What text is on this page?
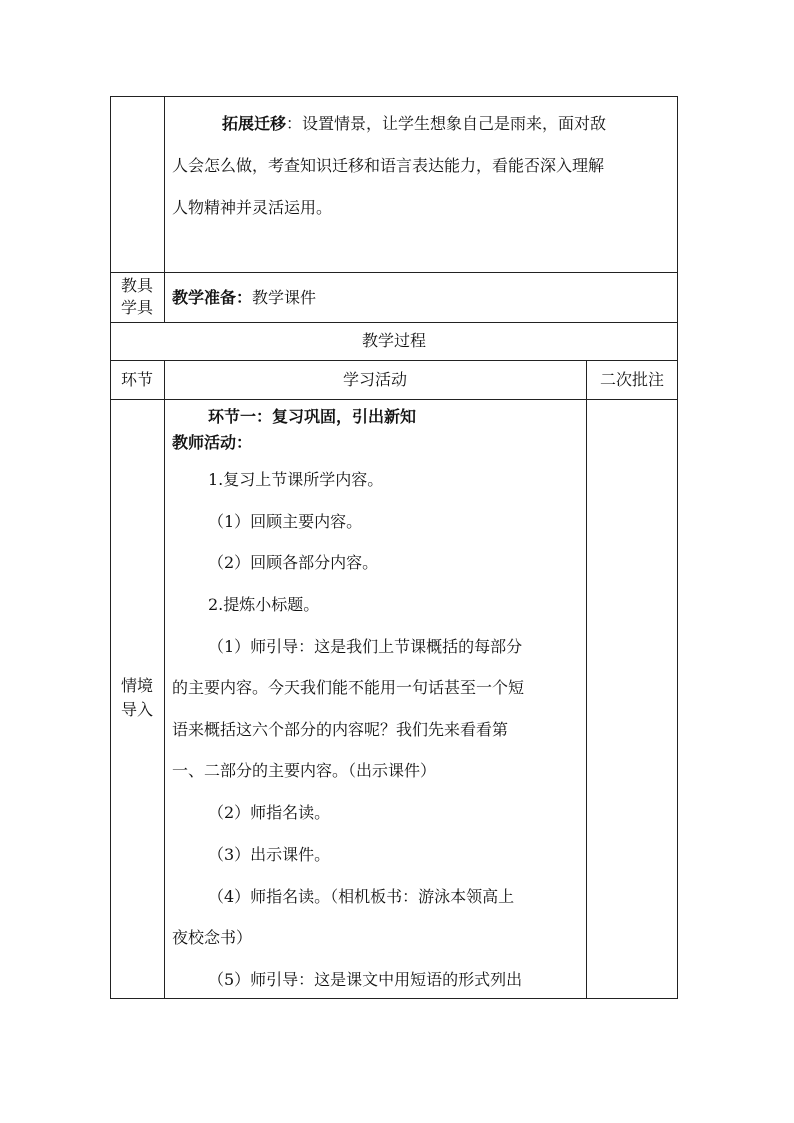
拓展迁移：设置情景，让学生想象自己是雨来，面对敌
人会怎么做，考查知识迁移和语言表达能力，看能否深入理解
人物精神并灵活运用。
教具
学具
教学准备：教学课件
教学过程
环节	学习活动	二次批注
情境
导入
环节一：复习巩固，引出新知
教师活动：
1.复习上节课所学内容。
（1）回顾主要内容。
（2）回顾各部分内容。
2.提炼小标题。
（1）师引导：这是我们上节课概括的每部分
的主要内容。今天我们能不能用一句话甚至一个短
语来概括这六个部分的内容呢？我们先来看看第
一、二部分的主要内容。（出示课件）
（2）师指名读。
（3）出示课件。
（4）师指名读。（相机板书：游泳本领高上
夜校念书）
（5）师引导：这是课文中用短语的形式列出
